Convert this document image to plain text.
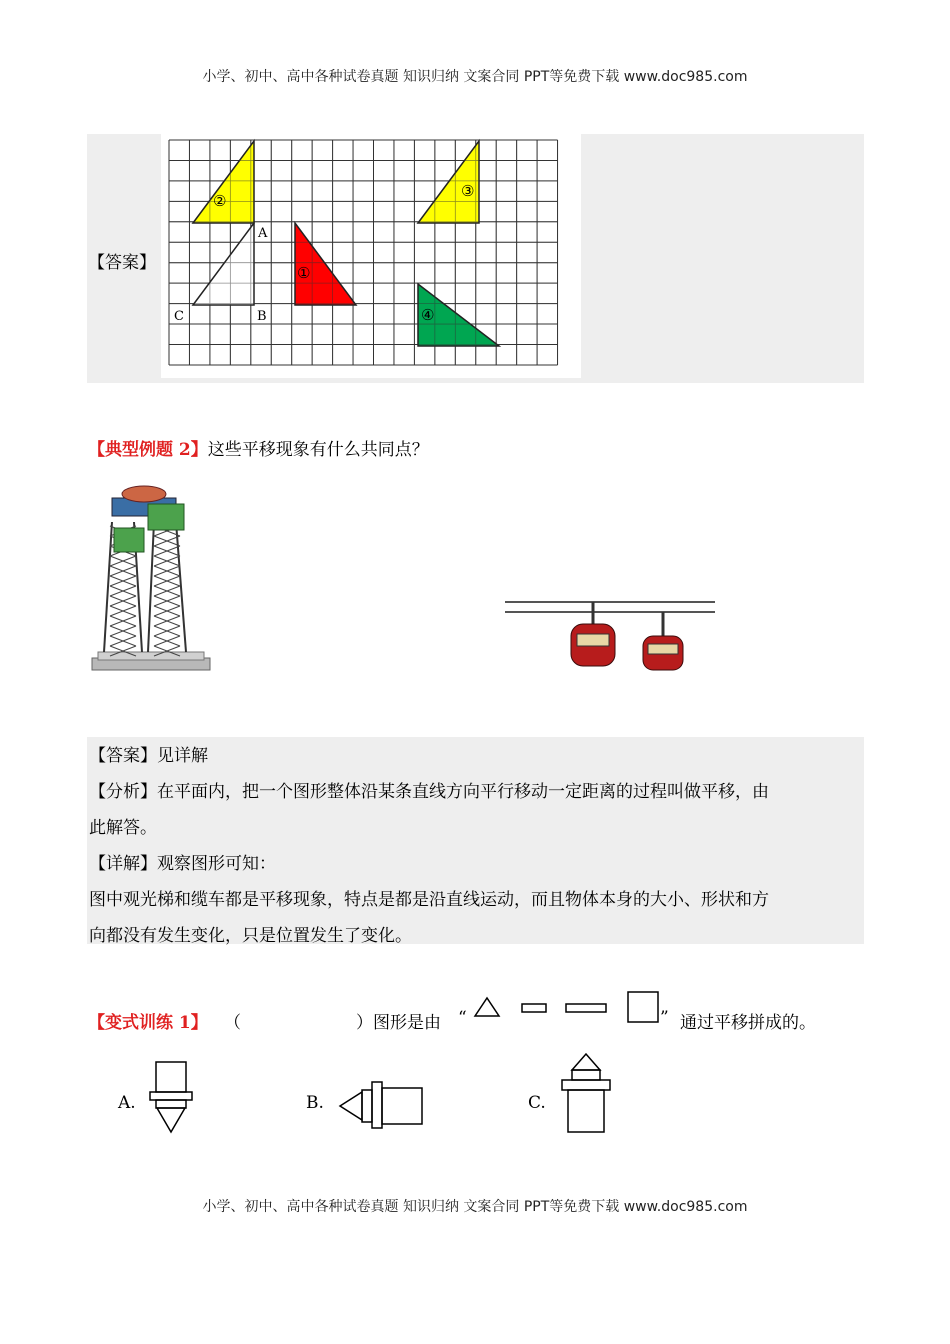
小学、初中、高中各种试卷真题 知识归纳 文案合同 PPT等免费下载 www.doc985.com
【答案】
A
B
C
①
②
③
④
【典型例题 2】这些平移现象有什么共同点？
【答案】见详解
【分析】在平面内，把一个图形整体沿某条直线方向平行移动一定距离的过程叫做平移，由
此解答。
【详解】观察图形可知：
图中观光梯和缆车都是平移现象，特点是都是沿直线运动，而且物体本身的大小、形状和方
向都没有发生变化，只是位置发生了变化。
【变式训练 1】 （	）图形是由 “	” 通过平移拼成的。
A.	B.	C.
小学、初中、高中各种试卷真题 知识归纳 文案合同 PPT等免费下载 www.doc985.com
